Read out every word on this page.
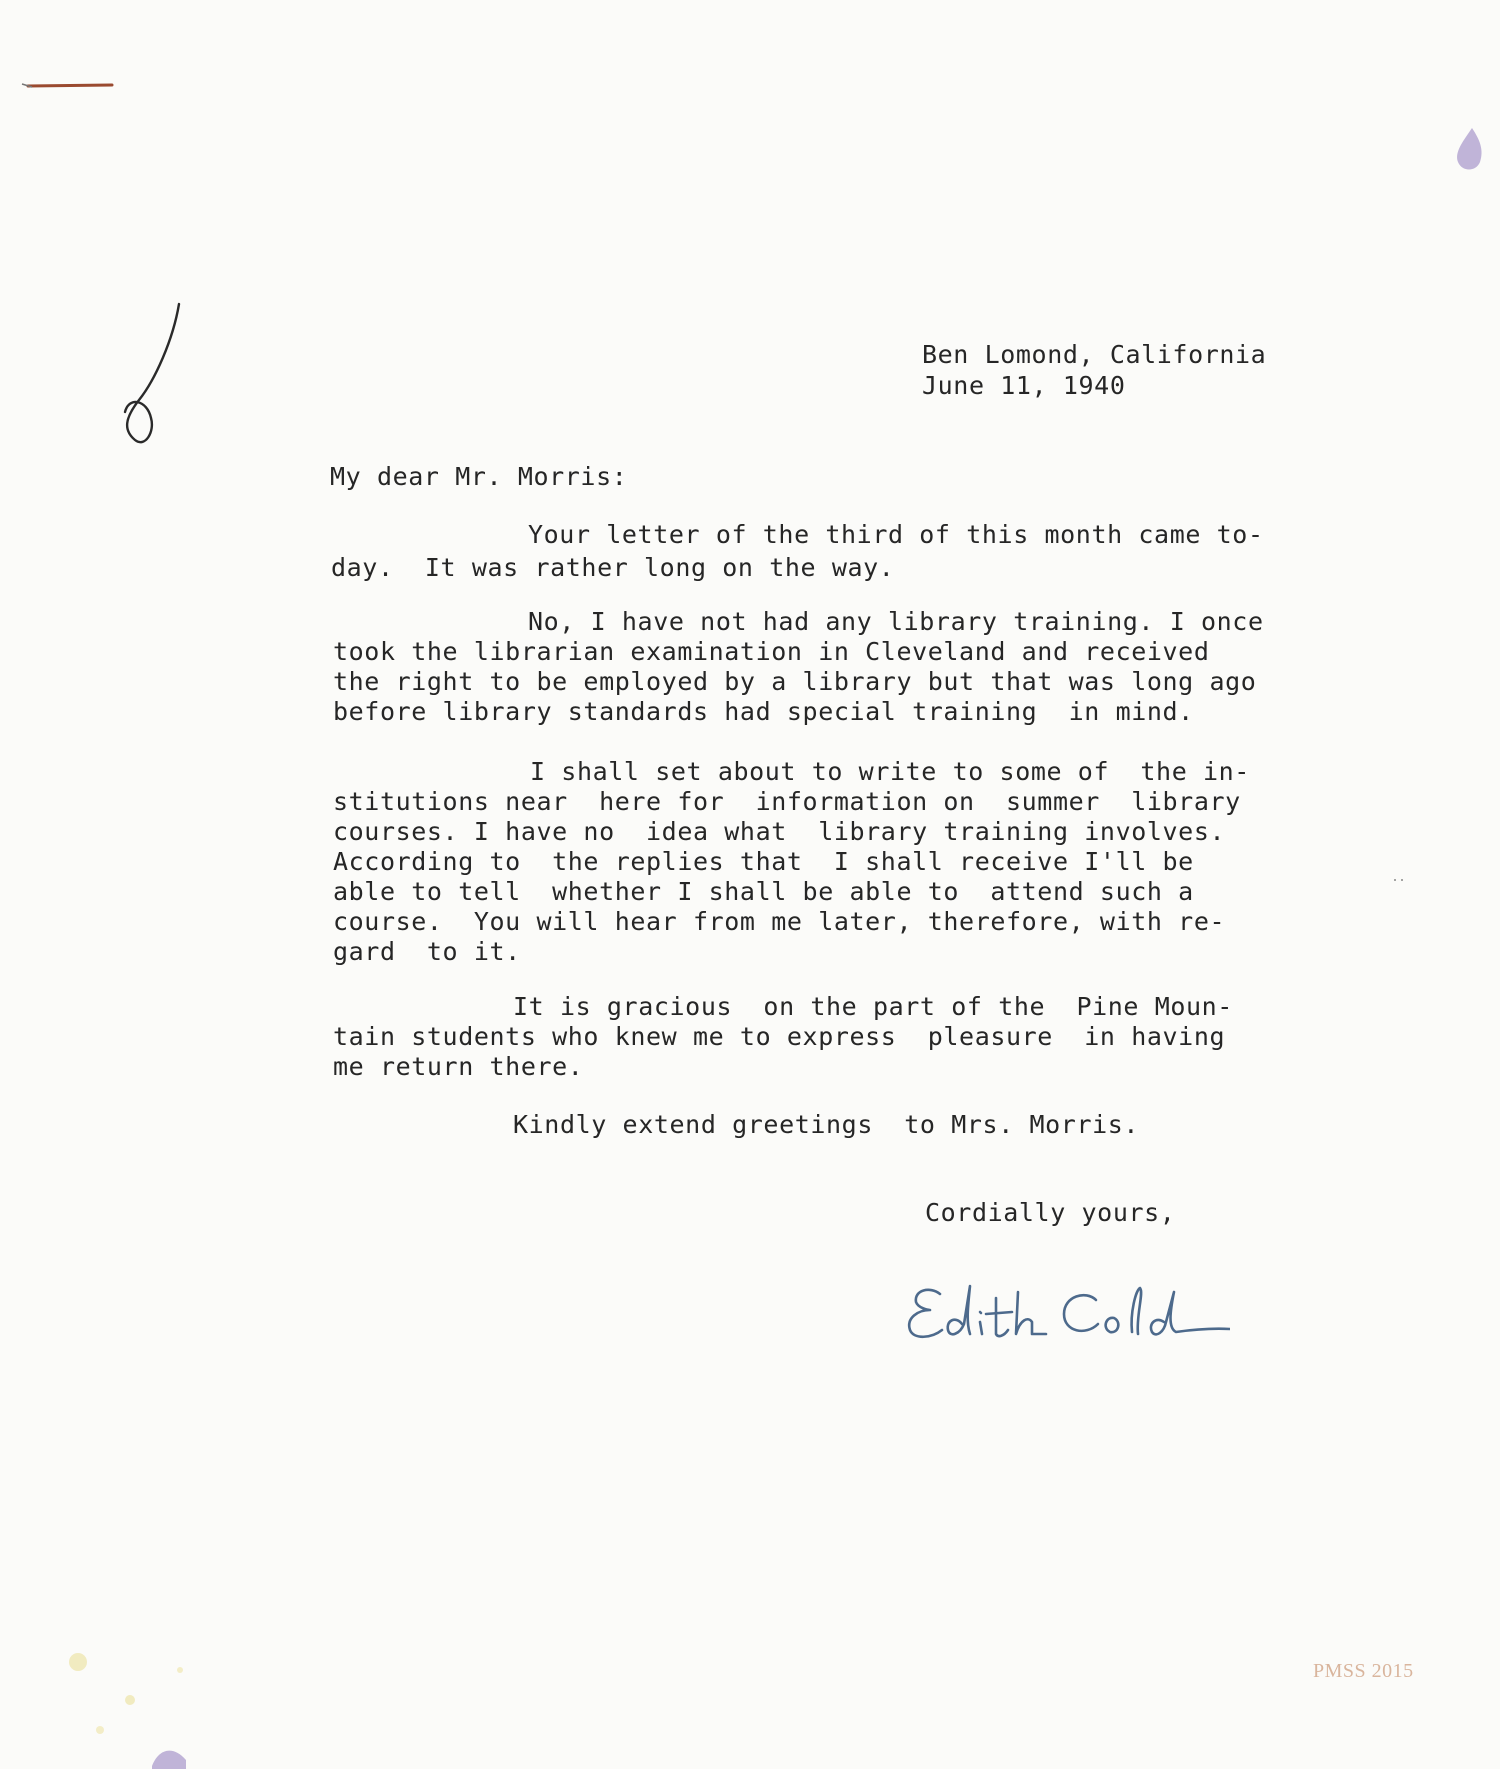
Ben Lomond, California

June 11, 1940

My dear Mr. Morris:

Your letter of the third of this month came to-

day.  It was rather long on the way.

No, I have not had any library training. I once

took the librarian examination in Cleveland and received

the right to be employed by a library but that was long ago

before library standards had special training  in mind.

I shall set about to write to some of  the in-

stitutions near  here for  information on  summer  library

courses. I have no  idea what  library training involves.

According to  the replies that  I shall receive I'll be

able to tell  whether I shall be able to  attend such a

course.  You will hear from me later, therefore, with re-

gard  to it.

It is gracious  on the part of the  Pine Moun-

tain students who knew me to express  pleasure  in having

me return there.

Kindly extend greetings  to Mrs. Morris.

Cordially yours,

PMSS 2015
